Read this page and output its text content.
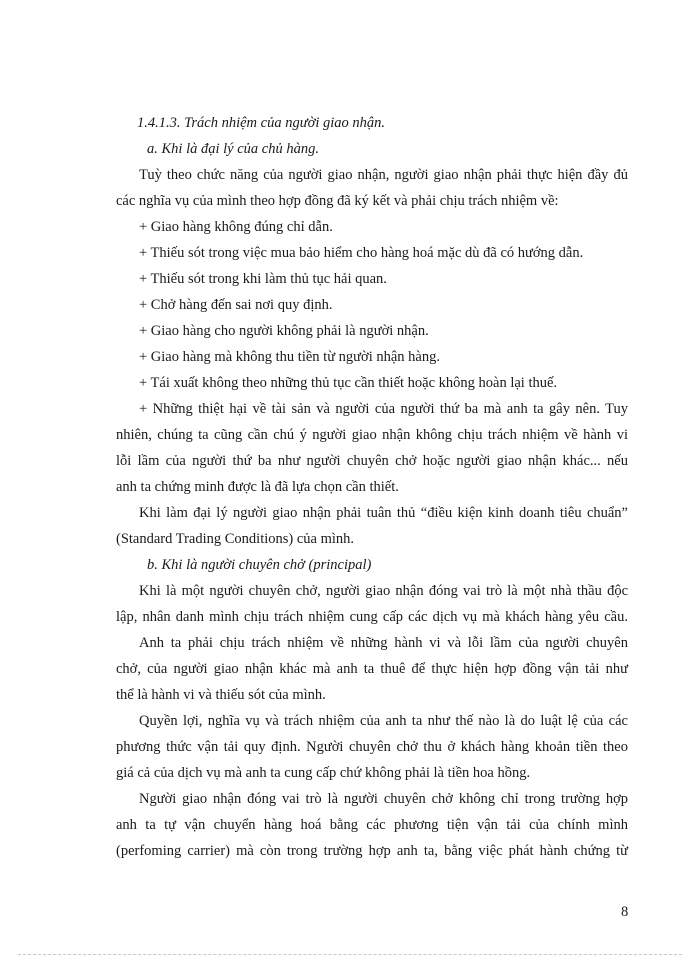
1.4.1.3. Trách nhiệm của người giao nhận.
a. Khi là đại lý của chủ hàng.
Tuỳ theo chức năng của người giao nhận, người giao nhận phải thực hiện đầy đủ
các nghĩa vụ của mình theo hợp đồng đã ký kết và phải chịu trách nhiệm về:
+ Giao hàng không đúng chỉ dẫn.
+ Thiếu sót trong việc mua bảo hiểm cho hàng hoá mặc dù đã có hướng dẫn.
+ Thiếu sót trong khi làm thủ tục hải quan.
+ Chở hàng đến sai nơi quy định.
+ Giao hàng cho người không phải là người nhận.
+ Giao hàng mà không thu tiền từ người nhận hàng.
+ Tái xuất không theo những thủ tục cần thiết hoặc không hoàn lại thuế.
+ Những thiệt hại về tài sản và người của người thứ ba mà anh ta gây nên. Tuy
nhiên, chúng ta cũng cần chú ý người giao nhận không chịu trách nhiệm về hành vi
lỗi lầm của người thứ ba như người chuyên chở hoặc người giao nhận khác... nếu
anh ta chứng minh được là đã lựa chọn cần thiết.
Khi làm đại lý người giao nhận phải tuân thủ “điều kiện kinh doanh tiêu chuẩn”
(Standard Trading Conditions) của mình.
b. Khi là người chuyên chở (principal)
Khi là một người chuyên chở, người giao nhận đóng vai trò là một nhà thầu độc
lập, nhân danh mình chịu trách nhiệm cung cấp các dịch vụ mà khách hàng yêu cầu.
Anh ta phải chịu trách nhiệm về những hành vi và lỗi lầm của người chuyên
chở, của người giao nhận khác mà anh ta thuê để thực hiện hợp đồng vận tải như
thể là hành vi và thiếu sót của mình.
Quyền lợi, nghĩa vụ và trách nhiệm của anh ta như thế nào là do luật lệ của các
phương thức vận tải quy định. Người chuyên chở thu ở khách hàng khoản tiền theo
giá cả của dịch vụ mà anh ta cung cấp chứ không phải là tiền hoa hồng.
Người giao nhận đóng vai trò là người chuyên chở không chỉ trong trường hợp
anh ta tự vận chuyển hàng hoá bằng các phương tiện vận tải của chính mình
(perfoming carrier) mà còn trong trường hợp anh ta, bằng việc phát hành chứng từ
8
